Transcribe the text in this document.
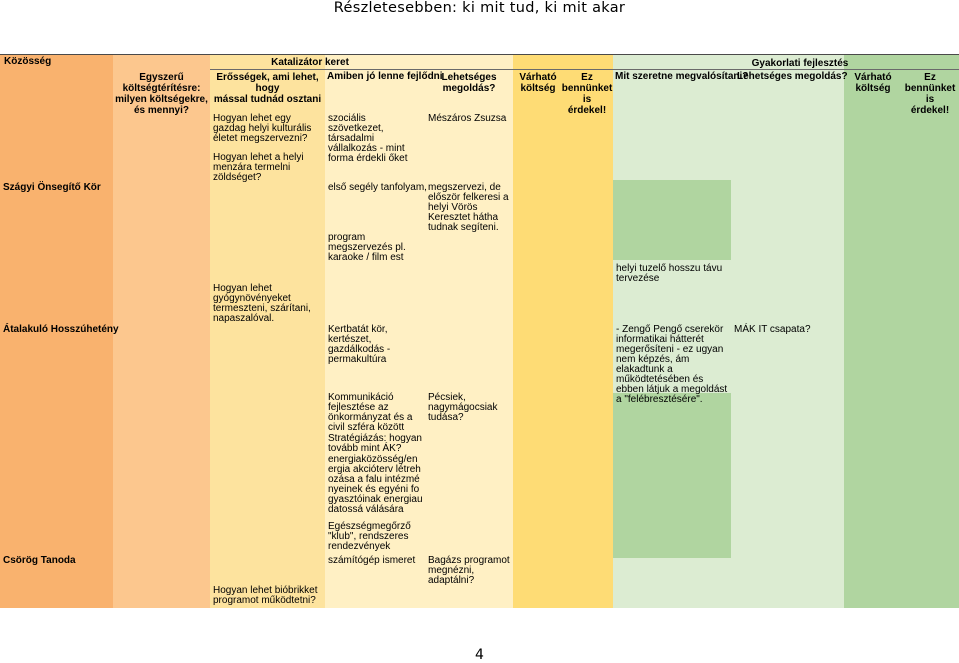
Részletesebben: ki mit tud, ki mit akar
Közösség	Katalizátor keret	Gyakorlati fejlesztés
Egyszerű
költségtérítésre:
milyen költségekre,
és mennyi?
Erősségek, ami lehet, hogy
mással tudnád osztani
Amiben jó lenne fejlődni
Lehetséges
megoldás?
Várható
költség
Ez
bennünket is
érdekel!
Mit szeretne megvalósítani?
Lehetséges megoldás? Várható
költség
Ez
bennünket is
érdekel!
Szágyi Önsegítő Kör
Átalakuló Hosszúhetény
Csörög Tanoda
Hogyan lehet egy gazdag helyi kulturális életet megszervezni?
Hogyan lehet a helyi menzára termelni zöldséget?
Hogyan lehet gyógynövényeket termeszteni, szárítani, napaszalóval.
Hogyan lehet bióbrikket programot működtetni?
szociális szövetkezet, társadalmi vállalkozás - mint forma érdekli őket
első segély tanfolyam,
program megszervezés pl. karaoke / film est
Kertbatát kör, kertészet, gazdálkodás - permakultúra
Kommunikáció fejlesztése az önkormányzat és a civil szféra között
Stratégiázás: hogyan tovább mint ÁK?
energiaközösség/energia akcióterv létrehozása a falu intézményeinek és egyéni fogyasztóinak energiaudatossá válására
Egészségmegőrző "klub", rendszeres rendezvények
számítógép ismeret
Mészáros Zsuzsa
megszervezi, de először felkeresi a helyi Vörös Keresztet hátha tudnak segíteni.
Pécsiek, nagymágocsiak tudása?
Bagázs programot megnézni, adaptálni?
helyi tuzelő hosszu távu tervezése
- Zengő Pengő cserekör informatikai hátterét megerősíteni - ez ugyan nem képzés, ám elakadtunk a működtetésében és ebben látjuk a megoldást a "felébresztésére".
MÁK IT csapata?
4
